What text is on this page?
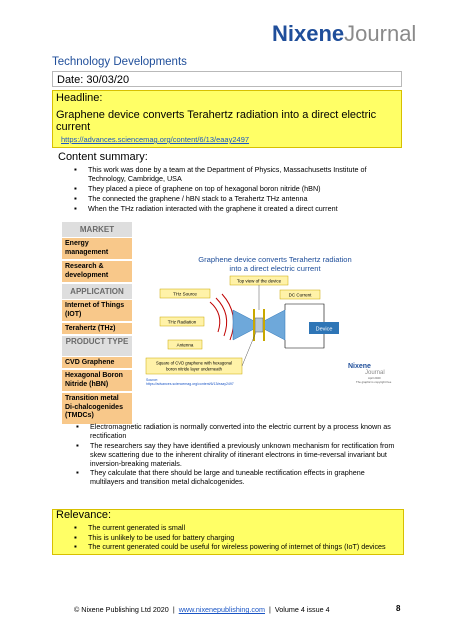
NixeneJournal
Technology Developments
Date: 30/03/20
Headline:
Graphene device converts Terahertz radiation into a direct electric current
https://advances.sciencemag.org/content/6/13/eaay2497
Content summary:
▪ This work was done by a team at the Department of Physics, Massachusetts Institute of Technology, Cambridge, USA
▪ They placed a piece of graphene on top of hexagonal boron nitride (hBN)
▪ The connected the graphene / hBN stack to a Terahertz THz antenna
▪ When the THz radiation interacted with the graphene it created a direct current
MARKET
Energy management
Research & development
APPLICATION
Internet of Things (IOT)
Terahertz (THz)
PRODUCT TYPE
CVD Graphene
Hexagonal Boron Nitride (hBN)
Transition metal Di-chalcogenides (TMDCs)
Graphene device converts Terahertz radiation
into a direct electric current
Top view of the device
THz Source	DC Current
THz Radiation
Antenna
Device
Square of CVD graphene with hexagonal
boron nitride layer underneath
Source:
https://advances.sciencemag.org/content/6/13/eaay2497
Nixene
Journal
April 2020
The graphic is copyright free
▪ Electromagnetic radiation is normally converted into the electric current by a process known as rectification
▪ The researchers say they have identified a previously unknown mechanism for rectification from skew scattering due to the inherent chirality of itinerant electrons in time-reversal invariant but inversion-breaking materials.
▪ They calculate that there should be large and tuneable rectification effects in graphene multilayers and transition metal dichalcogenides.
Relevance:
▪ The current generated is small
▪ This is unlikely to be used for battery charging
▪ The current generated could be useful for wireless powering of internet of things (IoT) devices
© Nixene Publishing Ltd 2020 | www.nixenepublishing.com | Volume 4 issue 4	8
